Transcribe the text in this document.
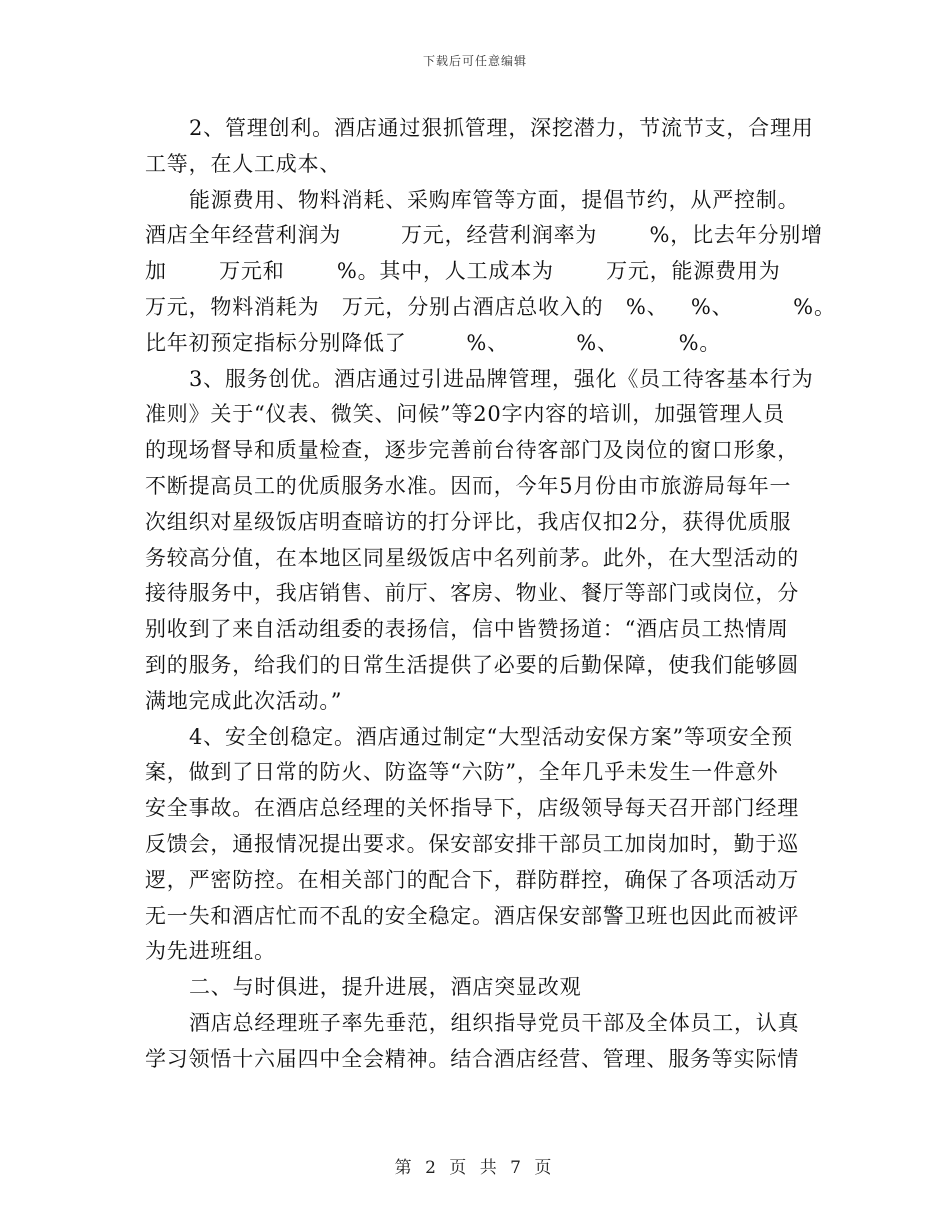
下载后可任意编辑
2、管理创利。酒店通过狠抓管理，深挖潜力，节流节支，合理用
工等，在人工成本、
能源费用、物料消耗、采购库管等方面，提倡节约，从严控制。
酒店全年经营利润为        万元，经营利润率为       %，比去年分别增
加       万元和       %。其中，人工成本为       万元，能源费用为
万元，物料消耗为   万元，分别占酒店总收入的   %、   %、        %。
比年初预定指标分别降低了        %、         %、        %。
3、服务创优。酒店通过引进品牌管理，强化《员工待客基本行为
准则》关于“仪表、微笑、问候”等20字内容的培训，加强管理人员
的现场督导和质量检查，逐步完善前台待客部门及岗位的窗口形象，
不断提高员工的优质服务水准。因而，今年5月份由市旅游局每年一
次组织对星级饭店明查暗访的打分评比，我店仅扣2分，获得优质服
务较高分值，在本地区同星级饭店中名列前茅。此外，在大型活动的
接待服务中，我店销售、前厅、客房、物业、餐厅等部门或岗位，分
别收到了来自活动组委的表扬信，信中皆赞扬道：“酒店员工热情周
到的服务，给我们的日常生活提供了必要的后勤保障，使我们能够圆
满地完成此次活动。”
4、安全创稳定。酒店通过制定“大型活动安保方案”等项安全预
案，做到了日常的防火、防盗等“六防”，全年几乎未发生一件意外
安全事故。在酒店总经理的关怀指导下，店级领导每天召开部门经理
反馈会，通报情况提出要求。保安部安排干部员工加岗加时，勤于巡
逻，严密防控。在相关部门的配合下，群防群控，确保了各项活动万
无一失和酒店忙而不乱的安全稳定。酒店保安部警卫班也因此而被评
为先进班组。
二、与时俱进，提升进展，酒店突显改观
酒店总经理班子率先垂范，组织指导党员干部及全体员工，认真
学习领悟十六届四中全会精神。结合酒店经营、管理、服务等实际情
第 2 页 共 7 页
